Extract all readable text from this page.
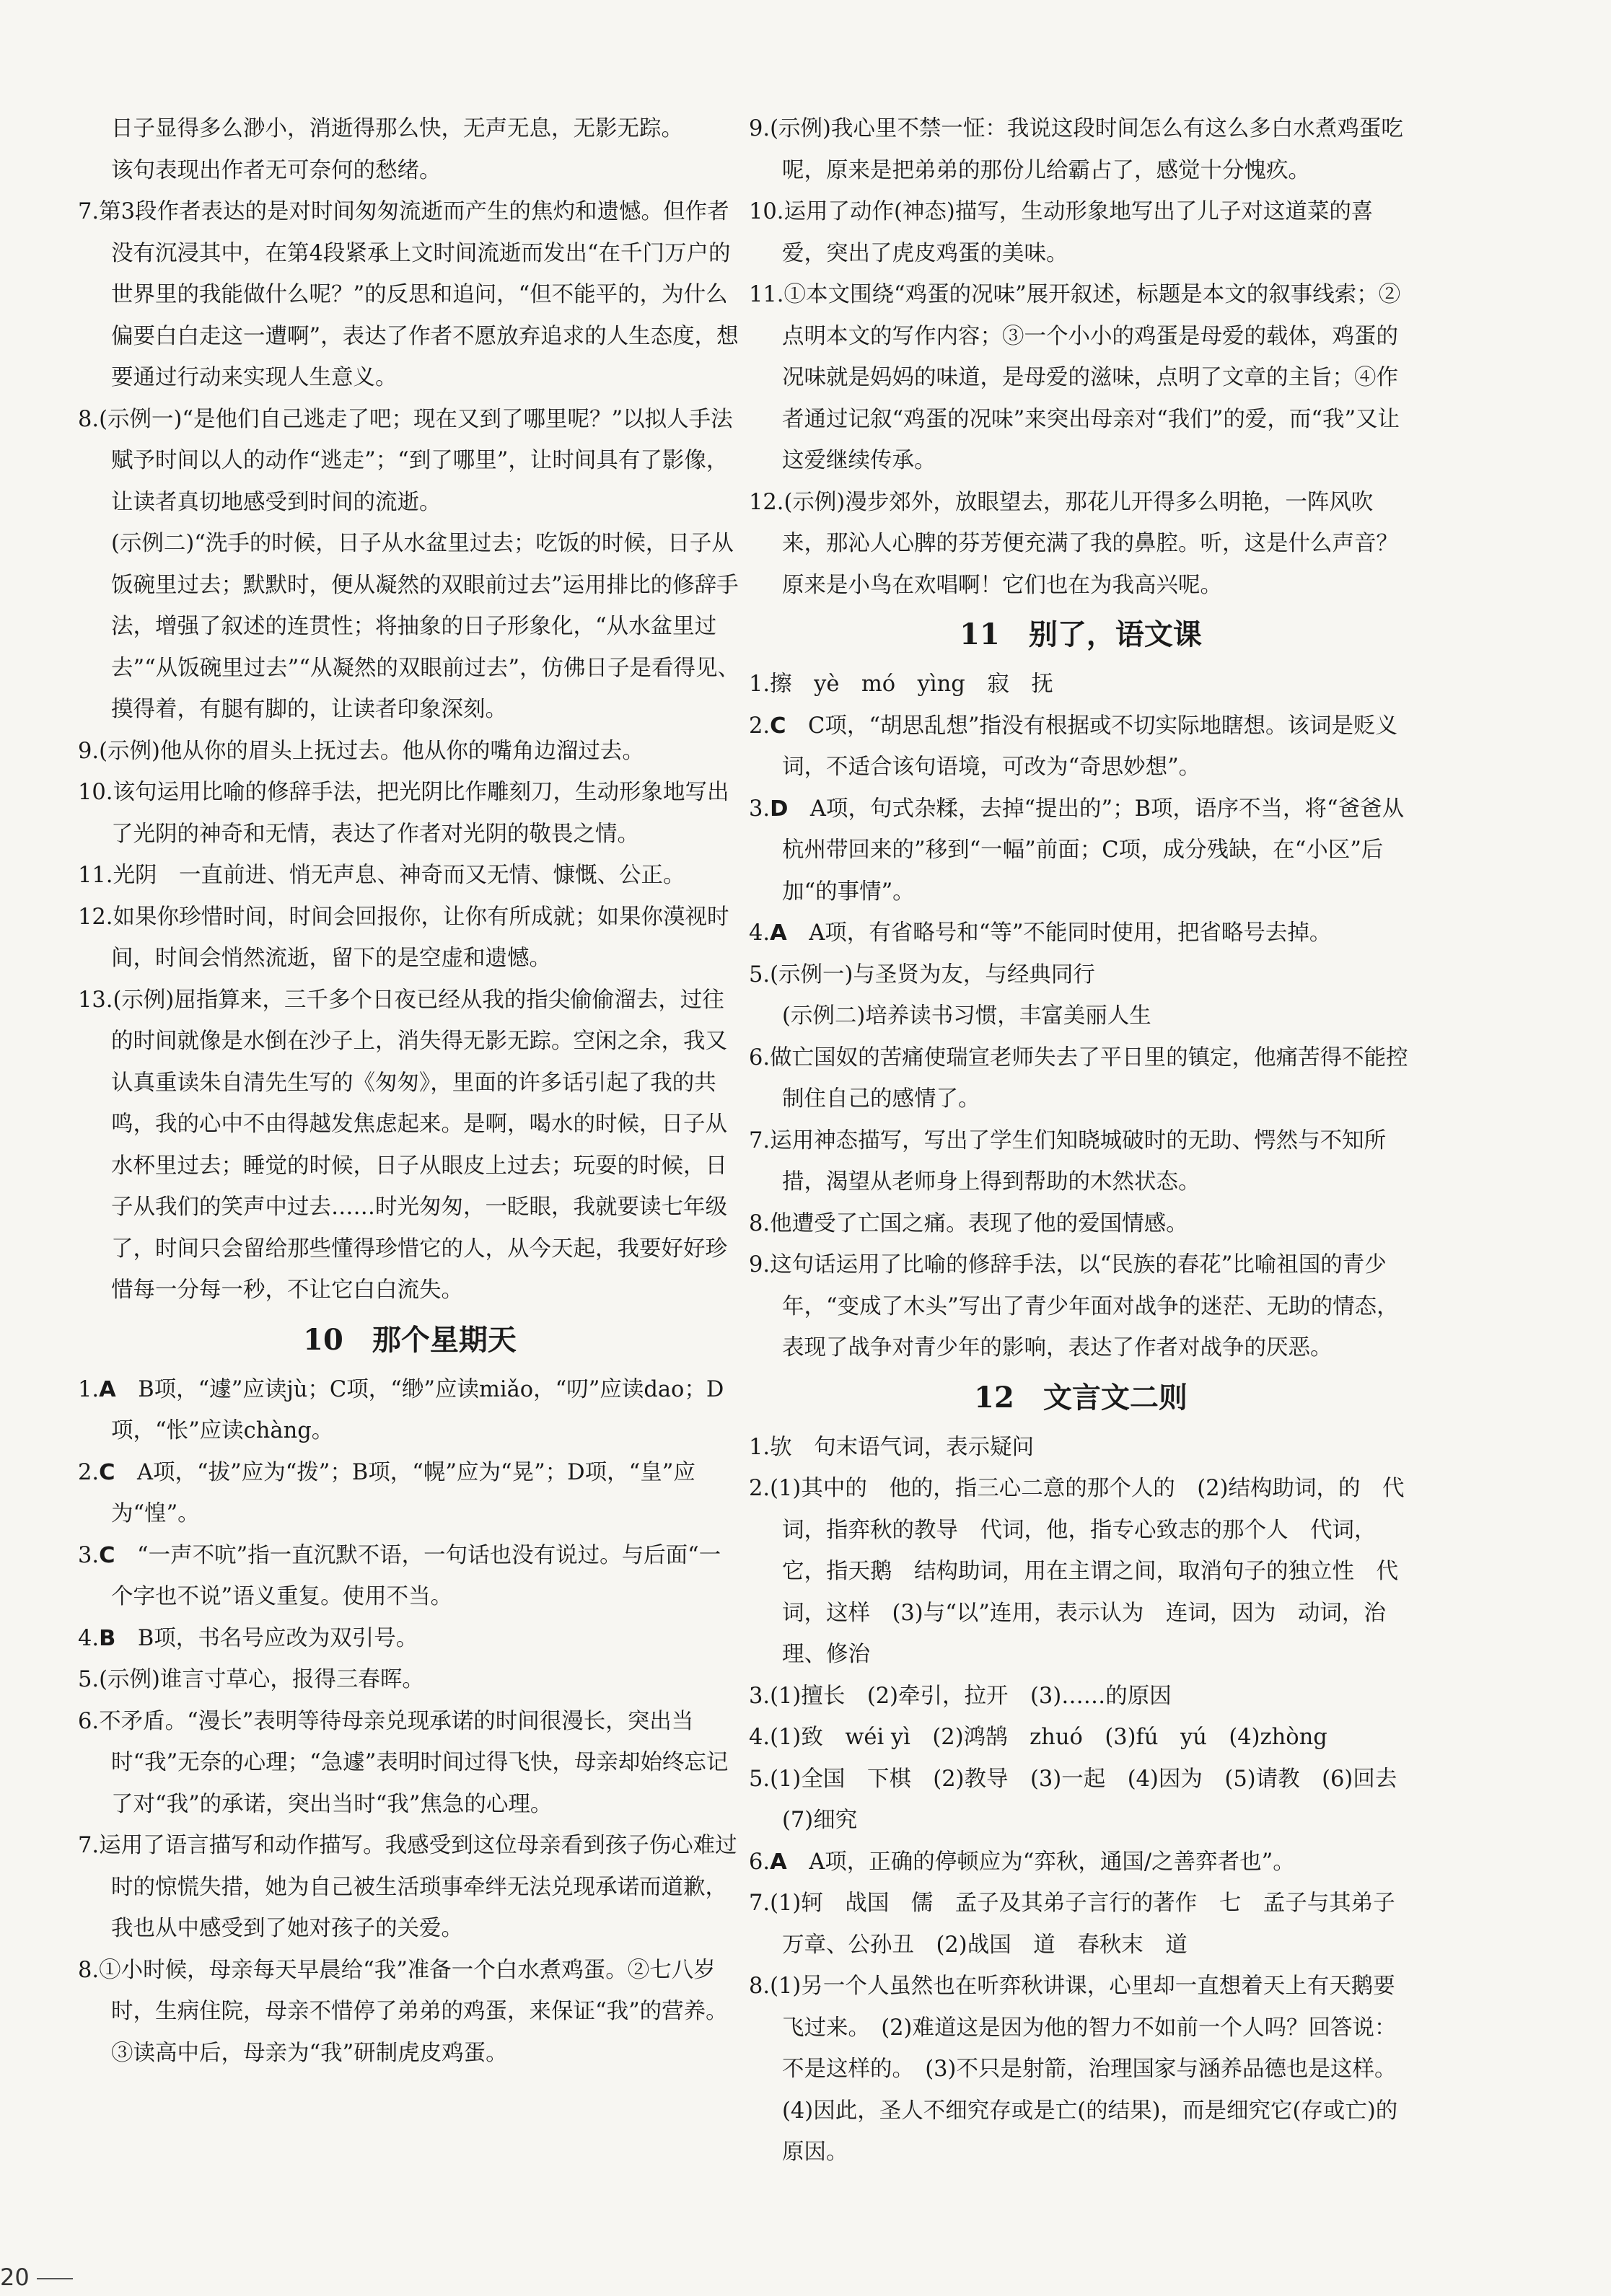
日子显得多么渺小，消逝得那么快，无声无息，无影无踪。

该句表现出作者无可奈何的愁绪。

7.第3段作者表达的是对时间匆匆流逝而产生的焦灼和遗憾。但作者没有沉浸其中，在第4段紧承上文时间流逝而发出“在千门万户的世界里的我能做什么呢？”的反思和追问，“但不能平的，为什么偏要白白走这一遭啊”，表达了作者不愿放弃追求的人生态度，想要通过行动来实现人生意义。

8.(示例一)“是他们自己逃走了吧；现在又到了哪里呢？”以拟人手法赋予时间以人的动作“逃走”；“到了哪里”，让时间具有了影像，让读者真切地感受到时间的流逝。

(示例二)“洗手的时候，日子从水盆里过去；吃饭的时候，日子从饭碗里过去；默默时，便从凝然的双眼前过去”运用排比的修辞手法，增强了叙述的连贯性；将抽象的日子形象化，“从水盆里过去”“从饭碗里过去”“从凝然的双眼前过去”，仿佛日子是看得见、摸得着，有腿有脚的，让读者印象深刻。

9.(示例)他从你的眉头上抚过去。他从你的嘴角边溜过去。

10.该句运用比喻的修辞手法，把光阴比作雕刻刀，生动形象地写出了光阴的神奇和无情，表达了作者对光阴的敬畏之情。

11.光阴　一直前进、悄无声息、神奇而又无情、慷慨、公正。

12.如果你珍惜时间，时间会回报你，让你有所成就；如果你漠视时间，时间会悄然流逝，留下的是空虚和遗憾。

13.(示例)屈指算来，三千多个日夜已经从我的指尖偷偷溜去，过往的时间就像是水倒在沙子上，消失得无影无踪。空闲之余，我又认真重读朱自清先生写的《匆匆》，里面的许多话引起了我的共鸣，我的心中不由得越发焦虑起来。是啊，喝水的时候，日子从水杯里过去；睡觉的时候，日子从眼皮上过去；玩耍的时候，日子从我们的笑声中过去……时光匆匆，一眨眼，我就要读七年级了，时间只会留给那些懂得珍惜它的人，从今天起，我要好好珍惜每一分每一秒，不让它白白流失。

10 那个星期天

1.A　B项，“遽”应读jù；C项，“缈”应读miǎo，“叨”应读dao；D项，“怅”应读chàng。

2.C　A项，“拔”应为“拨”；B项，“幌”应为“晃”；D项，“皇”应为“惶”。

3.C　“一声不吭”指一直沉默不语，一句话也没有说过。与后面“一个字也不说”语义重复。使用不当。

4.B　B项，书名号应改为双引号。

5.(示例)谁言寸草心，报得三春晖。

6.不矛盾。“漫长”表明等待母亲兑现承诺的时间很漫长，突出当时“我”无奈的心理；“急遽”表明时间过得飞快，母亲却始终忘记了对“我”的承诺，突出当时“我”焦急的心理。

7.运用了语言描写和动作描写。我感受到这位母亲看到孩子伤心难过时的惊慌失措，她为自己被生活琐事牵绊无法兑现承诺而道歉，我也从中感受到了她对孩子的关爱。

8.①小时候，母亲每天早晨给“我”准备一个白水煮鸡蛋。②七八岁时，生病住院，母亲不惜停了弟弟的鸡蛋，来保证“我”的营养。③读高中后，母亲为“我”研制虎皮鸡蛋。

9.(示例)我心里不禁一怔：我说这段时间怎么有这么多白水煮鸡蛋吃呢，原来是把弟弟的那份儿给霸占了，感觉十分愧疚。

10.运用了动作(神态)描写，生动形象地写出了儿子对这道菜的喜爱，突出了虎皮鸡蛋的美味。

11.①本文围绕“鸡蛋的况味”展开叙述，标题是本文的叙事线索；②点明本文的写作内容；③一个小小的鸡蛋是母爱的载体，鸡蛋的况味就是妈妈的味道，是母爱的滋味，点明了文章的主旨；④作者通过记叙“鸡蛋的况味”来突出母亲对“我们”的爱，而“我”又让这爱继续传承。

12.(示例)漫步郊外，放眼望去，那花儿开得多么明艳，一阵风吹来，那沁人心脾的芬芳便充满了我的鼻腔。听，这是什么声音？原来是小鸟在欢唱啊！它们也在为我高兴呢。

11 别了，语文课

1.擦　yè　mó　yìng　寂　抚

2.C　C项，“胡思乱想”指没有根据或不切实际地瞎想。该词是贬义词，不适合该句语境，可改为“奇思妙想”。

3.D　A项，句式杂糅，去掉“提出的”；B项，语序不当，将“爸爸从杭州带回来的”移到“一幅”前面；C项，成分残缺，在“小区”后加“的事情”。

4.A　A项，有省略号和“等”不能同时使用，把省略号去掉。

5.(示例一)与圣贤为友，与经典同行

(示例二)培养读书习惯，丰富美丽人生

6.做亡国奴的苦痛使瑞宣老师失去了平日里的镇定，他痛苦得不能控制住自己的感情了。

7.运用神态描写，写出了学生们知晓城破时的无助、愕然与不知所措，渴望从老师身上得到帮助的木然状态。

8.他遭受了亡国之痛。表现了他的爱国情感。

9.这句话运用了比喻的修辞手法，以“民族的春花”比喻祖国的青少年，“变成了木头”写出了青少年面对战争的迷茫、无助的情态，表现了战争对青少年的影响，表达了作者对战争的厌恶。

12 文言文二则

1.欤　句末语气词，表示疑问

2.(1)其中的　他的，指三心二意的那个人的　(2)结构助词，的　代词，指弈秋的教导　代词，他，指专心致志的那个人　代词，它，指天鹅　结构助词，用在主谓之间，取消句子的独立性　代词，这样　(3)与“以”连用，表示认为　连词，因为　动词，治理、修治

3.(1)擅长　(2)牵引，拉开　(3)……的原因

4.(1)致　wéi yì　(2)鸿鹄　zhuó　(3)fú　yú　(4)zhòng

5.(1)全国　下棋　(2)教导　(3)一起　(4)因为　(5)请教　(6)回去　(7)细究

6.A　A项，正确的停顿应为“弈秋，通国/之善弈者也”。

7.(1)轲　战国　儒　孟子及其弟子言行的著作　七　孟子与其弟子万章、公孙丑　(2)战国　道　春秋末　道

8.(1)另一个人虽然也在听弈秋讲课，心里却一直想着天上有天鹅要飞过来。　(2)难道这是因为他的智力不如前一个人吗？回答说：不是这样的。　(3)不只是射箭，治理国家与涵养品德也是这样。　(4)因此，圣人不细究存或是亡(的结果)，而是细究它(存或亡)的原因。

20
